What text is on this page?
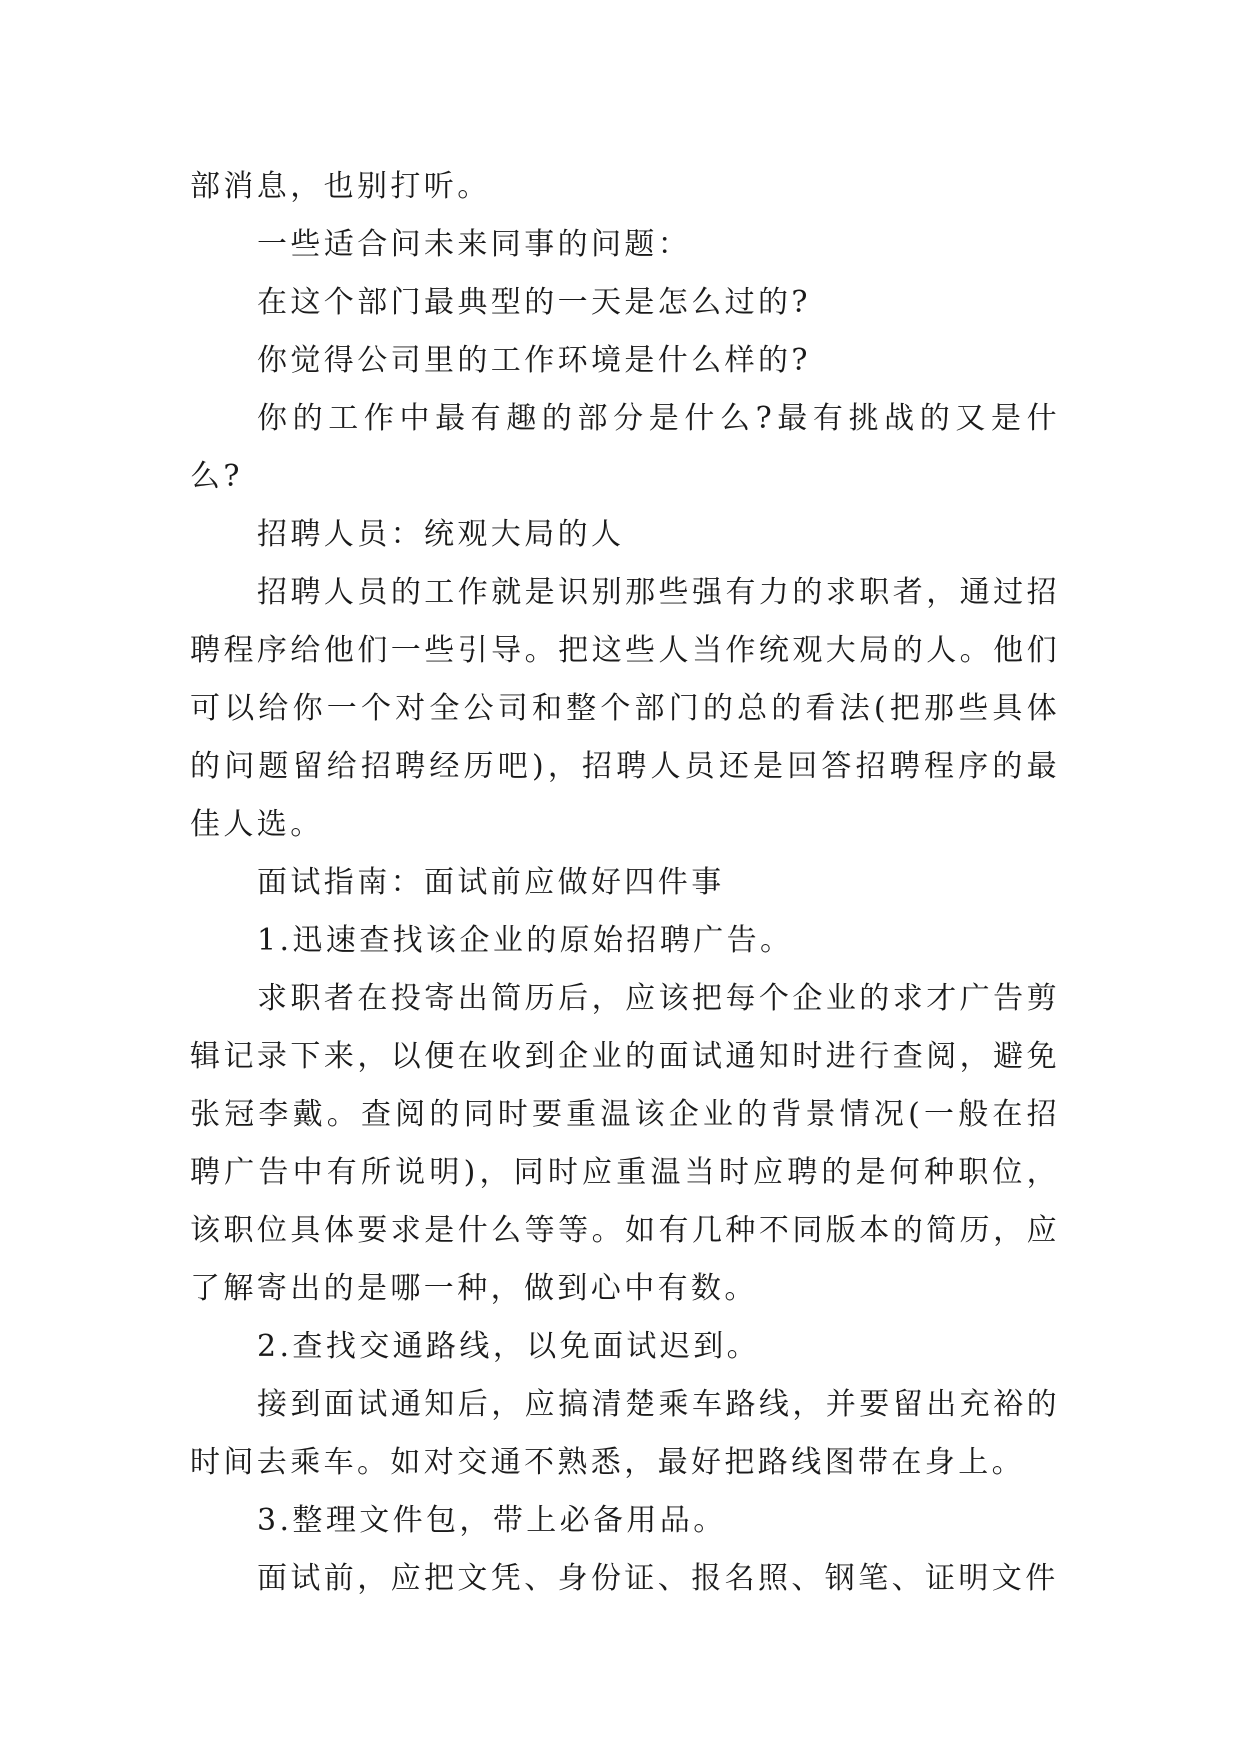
部消息，也别打听。

一些适合问未来同事的问题：

在这个部门最典型的一天是怎么过的?

你觉得公司里的工作环境是什么样的?

你的工作中最有趣的部分是什么?最有挑战的又是什么?

招聘人员：统观大局的人

招聘人员的工作就是识别那些强有力的求职者，通过招聘程序给他们一些引导。把这些人当作统观大局的人。他们可以给你一个对全公司和整个部门的总的看法(把那些具体的问题留给招聘经历吧)，招聘人员还是回答招聘程序的最佳人选。

面试指南：面试前应做好四件事

1.迅速查找该企业的原始招聘广告。

求职者在投寄出简历后，应该把每个企业的求才广告剪辑记录下来，以便在收到企业的面试通知时进行查阅，避免张冠李戴。查阅的同时要重温该企业的背景情况(一般在招聘广告中有所说明)，同时应重温当时应聘的是何种职位，该职位具体要求是什么等等。如有几种不同版本的简历，应了解寄出的是哪一种，做到心中有数。

2.查找交通路线，以免面试迟到。

接到面试通知后，应搞清楚乘车路线，并要留出充裕的时间去乘车。如对交通不熟悉，最好把路线图带在身上。

3.整理文件包，带上必备用品。

面试前，应把文凭、身份证、报名照、钢笔、证明文件
